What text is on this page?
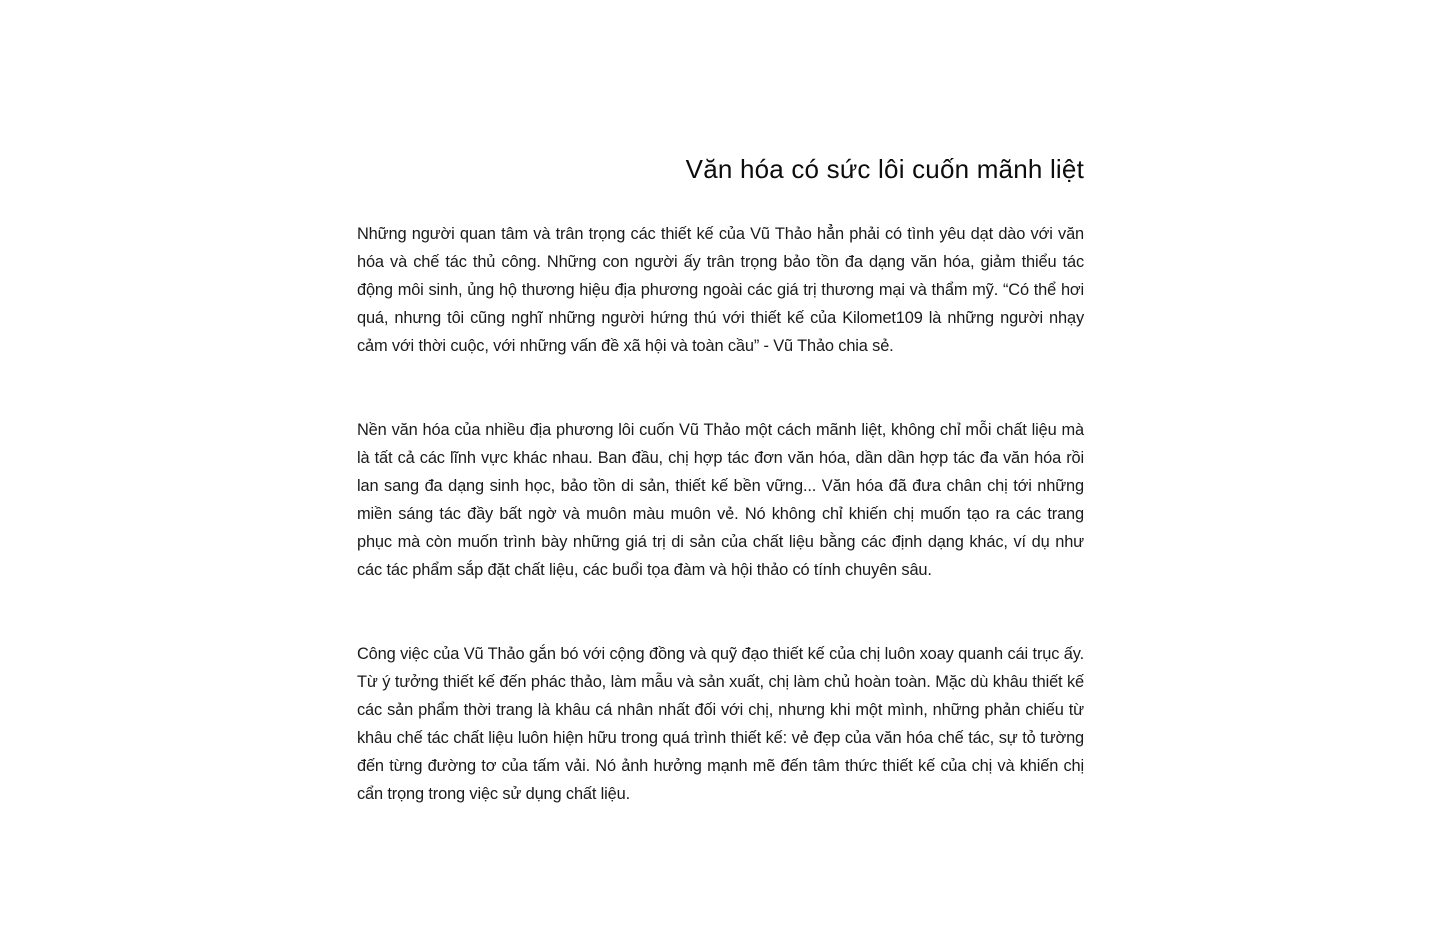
Văn hóa có sức lôi cuốn mãnh liệt

Những người quan tâm và trân trọng các thiết kế của Vũ Thảo hẳn phải có tình yêu dạt dào với văn hóa và chế tác thủ công. Những con người ấy trân trọng bảo tồn đa dạng văn hóa, giảm thiểu tác động môi sinh, ủng hộ thương hiệu địa phương ngoài các giá trị thương mại và thẩm mỹ. “Có thể hơi quá, nhưng tôi cũng nghĩ những người hứng thú với thiết kế của Kilomet109 là những người nhạy cảm với thời cuộc, với những vấn đề xã hội và toàn cầu” - Vũ Thảo chia sẻ.

Nền văn hóa của nhiều địa phương lôi cuốn Vũ Thảo một cách mãnh liệt, không chỉ mỗi chất liệu mà là tất cả các lĩnh vực khác nhau. Ban đầu, chị hợp tác đơn văn hóa, dần dần hợp tác đa văn hóa rồi lan sang đa dạng sinh học, bảo tồn di sản, thiết kế bền vững... Văn hóa đã đưa chân chị tới những miền sáng tác đầy bất ngờ và muôn màu muôn vẻ. Nó không chỉ khiến chị muốn tạo ra các trang phục mà còn muốn trình bày những giá trị di sản của chất liệu bằng các định dạng khác, ví dụ như các tác phẩm sắp đặt chất liệu, các buổi tọa đàm và hội thảo có tính chuyên sâu.

Công việc của Vũ Thảo gắn bó với cộng đồng và quỹ đạo thiết kế của chị luôn xoay quanh cái trục ấy. Từ ý tưởng thiết kế đến phác thảo, làm mẫu và sản xuất, chị làm chủ hoàn toàn. Mặc dù khâu thiết kế các sản phẩm thời trang là khâu cá nhân nhất đối với chị, nhưng khi một mình, những phản chiếu từ khâu chế tác chất liệu luôn hiện hữu trong quá trình thiết kế: vẻ đẹp của văn hóa chế tác, sự tỏ tường đến từng đường tơ của tấm vải. Nó ảnh hưởng mạnh mẽ đến tâm thức thiết kế của chị và khiến chị cẩn trọng trong việc sử dụng chất liệu.
